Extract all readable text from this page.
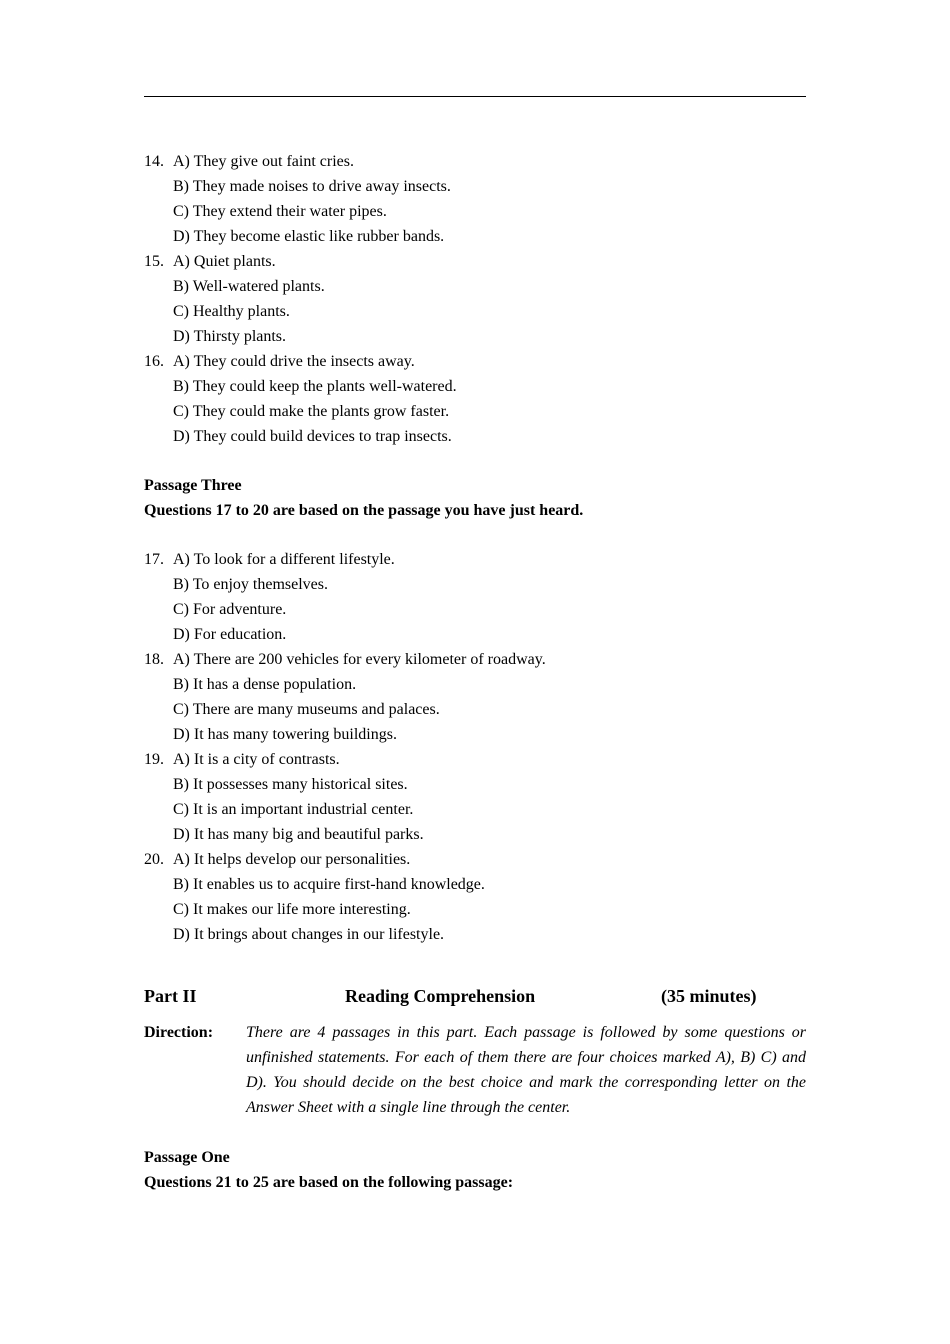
14. A) They give out faint cries.
B) They made noises to drive away insects.
C) They extend their water pipes.
D) They become elastic like rubber bands.
15. A) Quiet plants.
B) Well-watered plants.
C) Healthy plants.
D) Thirsty plants.
16. A) They could drive the insects away.
B) They could keep the plants well-watered.
C) They could make the plants grow faster.
D) They could build devices to trap insects.
Passage Three
Questions 17 to 20 are based on the passage you have just heard.
17. A) To look for a different lifestyle.
B) To enjoy themselves.
C) For adventure.
D) For education.
18. A) There are 200 vehicles for every kilometer of roadway.
B) It has a dense population.
C) There are many museums and palaces.
D) It has many towering buildings.
19. A) It is a city of contrasts.
B) It possesses many historical sites.
C) It is an important industrial center.
D) It has many big and beautiful parks.
20. A) It helps develop our personalities.
B) It enables us to acquire first-hand knowledge.
C) It makes our life more interesting.
D) It brings about changes in our lifestyle.
Part II	Reading Comprehension	(35 minutes)
Direction: There are 4 passages in this part. Each passage is followed by some questions or unfinished statements. For each of them there are four choices marked A), B) C) and D). You should decide on the best choice and mark the corresponding letter on the Answer Sheet with a single line through the center.
Passage One
Questions 21 to 25 are based on the following passage:
